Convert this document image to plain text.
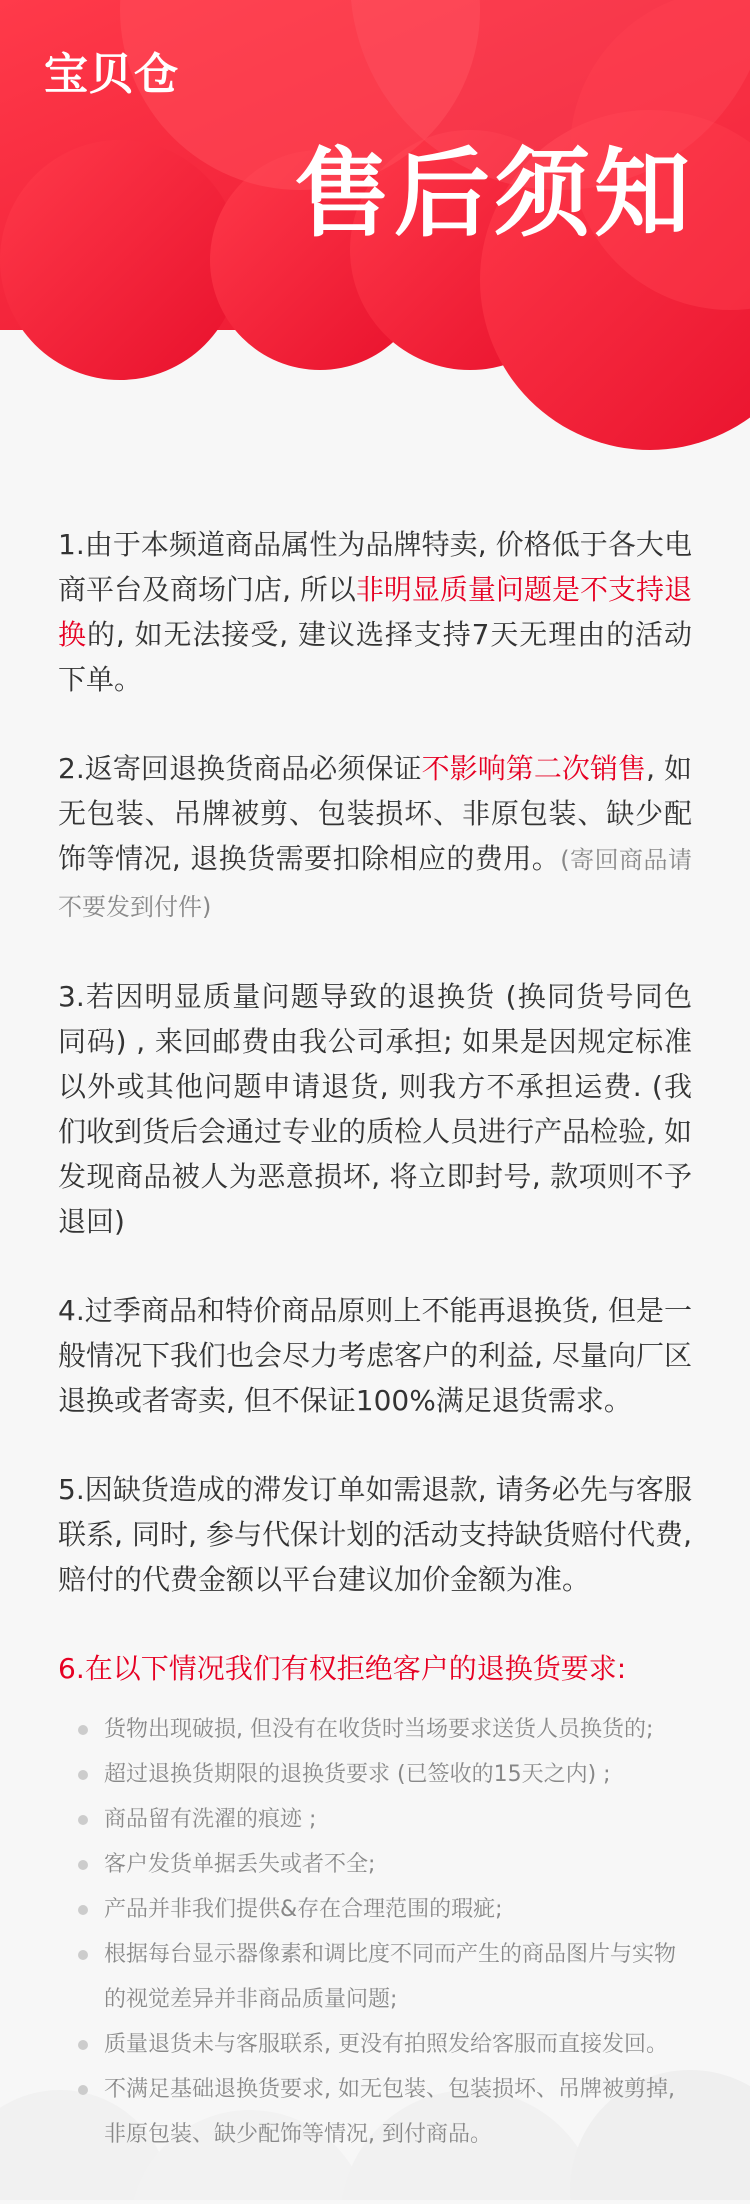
宝贝仓
售后须知

1.由于本频道商品属性为品牌特卖, 价格低于各大电商平台及商场门店, 所以非明显质量问题是不支持退换的, 如无法接受, 建议选择支持7天无理由的活动下单。

2.返寄回退换货商品必须保证不影响第二次销售, 如无包装、吊牌被剪、包装损坏、非原包装、缺少配饰等情况, 退换货需要扣除相应的费用。(寄回商品请不要发到付件)

3.若因明显质量问题导致的退换货 (换同货号同色同码) , 来回邮费由我公司承担; 如果是因规定标准以外或其他问题申请退货, 则我方不承担运费. (我们收到货后会通过专业的质检人员进行产品检验, 如发现商品被人为恶意损坏, 将立即封号, 款项则不予退回)

4.过季商品和特价商品原则上不能再退换货, 但是一般情况下我们也会尽力考虑客户的利益, 尽量向厂区退换或者寄卖, 但不保证100%满足退货需求。

5.因缺货造成的滞发订单如需退款, 请务必先与客服联系, 同时, 参与代保计划的活动支持缺货赔付代费, 赔付的代费金额以平台建议加价金额为准。

6.在以下情况我们有权拒绝客户的退换货要求:

货物出现破损, 但没有在收货时当场要求送货人员换货的;
超过退换货期限的退换货要求 (已签收的15天之内) ;
商品留有洗濯的痕迹 ;
客户发货单据丢失或者不全;
产品并非我们提供&存在合理范围的瑕疵;
根据每台显示器像素和调比度不同而产生的商品图片与实物的视觉差异并非商品质量问题;
质量退货未与客服联系, 更没有拍照发给客服而直接发回。
不满足基础退换货要求, 如无包装、包装损坏、吊牌被剪掉, 非原包装、缺少配饰等情况, 到付商品。
